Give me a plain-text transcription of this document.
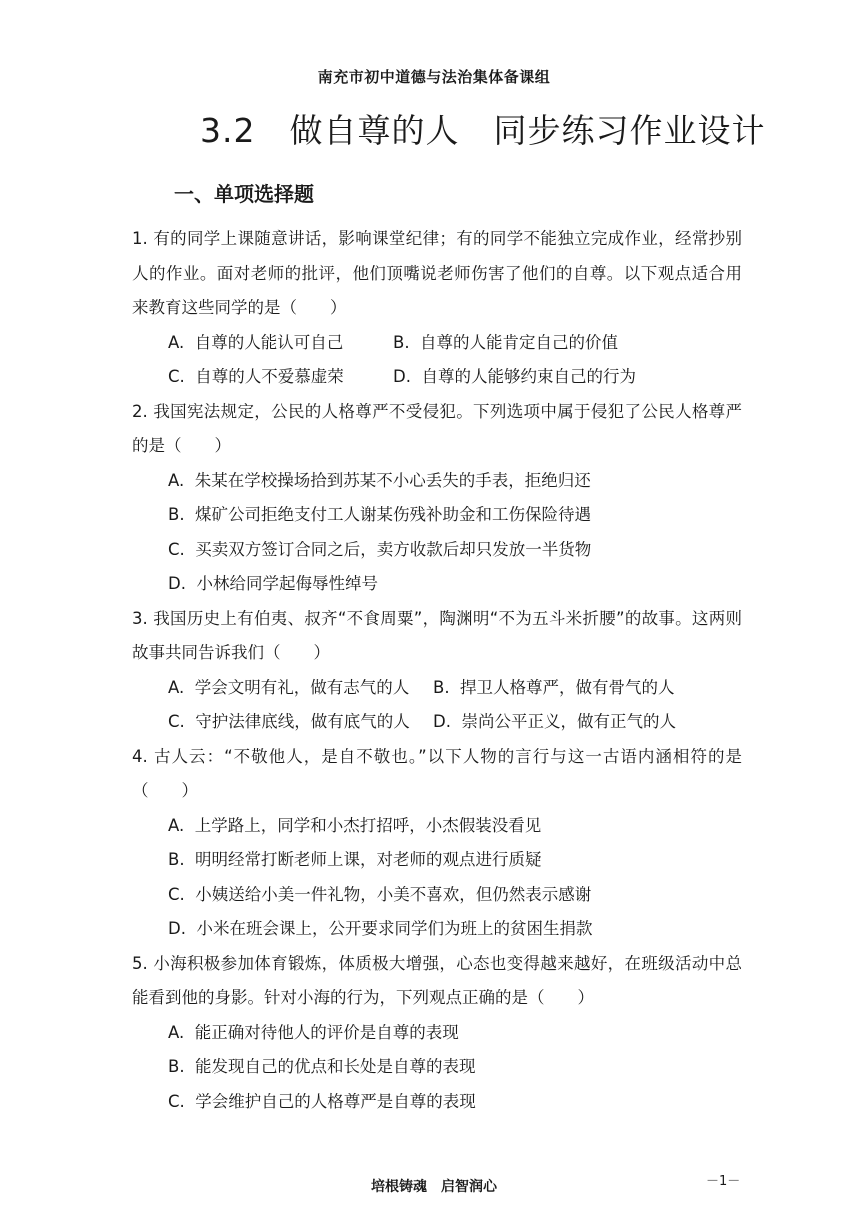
南充市初中道德与法治集体备课组
3.2　做自尊的人　同步练习作业设计
一、单项选择题

1. 有的同学上课随意讲话，影响课堂纪律；有的同学不能独立完成作业，经常抄别人的作业。面对老师的批评，他们顶嘴说老师伤害了他们的自尊。以下观点适合用来教育这些同学的是（　　）

A.  自尊的人能认可自己	B.  自尊的人能肯定自己的价值
C.  自尊的人不爱慕虚荣	D.  自尊的人能够约束自己的行为

2. 我国宪法规定，公民的人格尊严不受侵犯。下列选项中属于侵犯了公民人格尊严的是（　　）

A.  朱某在学校操场拾到苏某不小心丢失的手表，拒绝归还

B.  煤矿公司拒绝支付工人谢某伤残补助金和工伤保险待遇

C.  买卖双方签订合同之后，卖方收款后却只发放一半货物

D.  小林给同学起侮辱性绰号

3. 我国历史上有伯夷、叔齐“不食周粟”，陶渊明“不为五斗米折腰”的故事。这两则故事共同告诉我们（　　）

A.  学会文明有礼，做有志气的人	B.  捍卫人格尊严，做有骨气的人
C.  守护法律底线，做有底气的人	D.  崇尚公平正义，做有正气的人

4. 古人云：“不敬他人，是自不敬也。”以下人物的言行与这一古语内涵相符的是（　　）

A.  上学路上，同学和小杰打招呼，小杰假装没看见

B.  明明经常打断老师上课，对老师的观点进行质疑

C.  小姨送给小美一件礼物，小美不喜欢，但仍然表示感谢

D.  小米在班会课上，公开要求同学们为班上的贫困生捐款

5. 小海积极参加体育锻炼，体质极大增强，心态也变得越来越好，在班级活动中总能看到他的身影。针对小海的行为，下列观点正确的是（　　）

A.  能正确对待他人的评价是自尊的表现

B.  能发现自己的优点和长处是自尊的表现

C.  学会维护自己的人格尊严是自尊的表现

培根铸魂　启智润心	－1－
